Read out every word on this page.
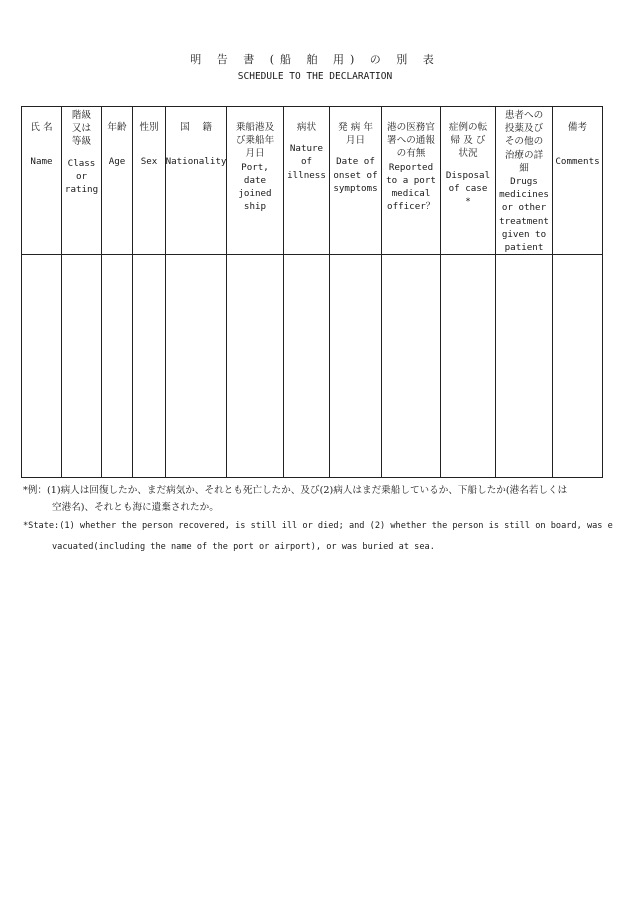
明 告 書 (船 舶 用) の 別 表
SCHEDULE TO THE DECLARATION
氏 名
Name
階級
又は
等級
Class
or
rating
年齢
Age
性別
Sex
国　 籍
Nationality
乗船港及
び乗船年
月日
Port, date
joined
ship
病状
Nature
of
illness
発 病 年
月日
Date of
onset of
symptoms
港の医務官
署への通報
の有無
Reported
to a port
medical
officer？
症例の転
帰 及 び
状況
Disposal
of case
*
患者への
投薬及び
その他の
治療の詳
細
Drugs
medicines
or other
treatment
given to
patient
備考
Comments
*例：(1)病人は回復したか、まだ病気か、それとも死亡したか、及び(2)病人はまだ乗船しているか、下船したか(港名若しくは
空港名)、それとも海に遺棄されたか。
*State:(1) whether the person recovered, is still ill or died; and (2) whether the person is still on board, was e
vacuated(including the name of the port or airport), or was buried at sea.
